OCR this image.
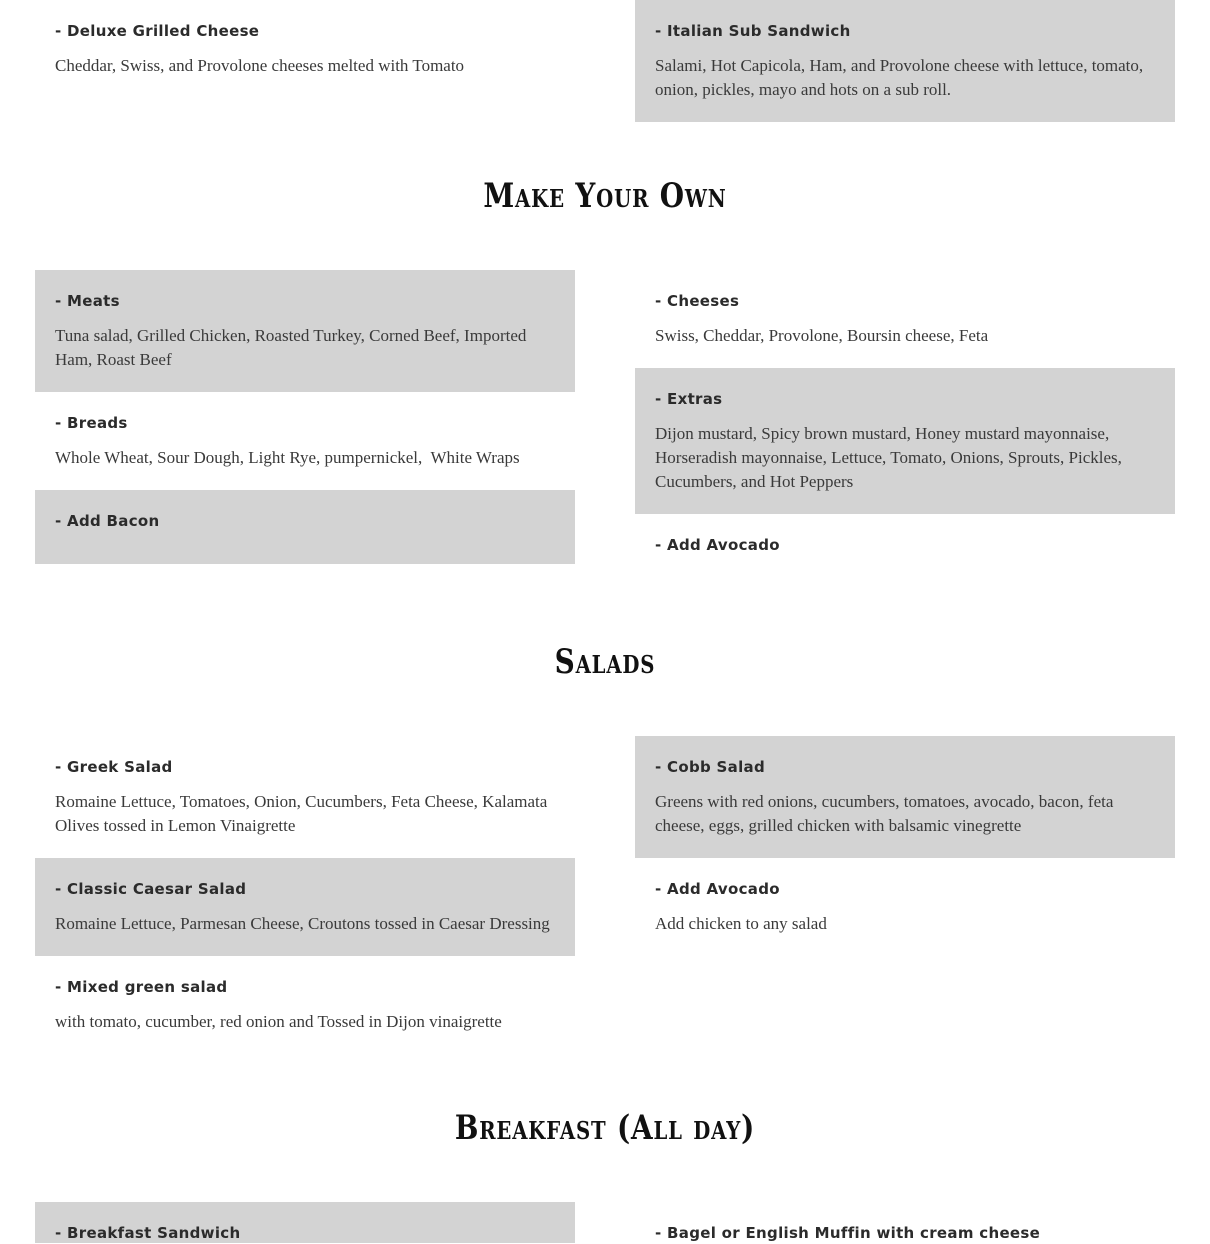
- Deluxe Grilled Cheese

Cheddar, Swiss, and Provolone cheeses melted with Tomato

- Italian Sub Sandwich

Salami, Hot Capicola, Ham, and Provolone cheese with lettuce, tomato, onion, pickles, mayo and hots on a sub roll.

Make Your Own

- Meats

Tuna salad, Grilled Chicken, Roasted Turkey, Corned Beef, Imported Ham, Roast Beef

- Cheeses

Swiss, Cheddar, Provolone, Boursin cheese, Feta

- Breads

Whole Wheat, Sour Dough, Light Rye, pumpernickel,  White Wraps

- Extras

Dijon mustard, Spicy brown mustard, Honey mustard mayonnaise, Horseradish mayonnaise, Lettuce, Tomato, Onions, Sprouts, Pickles, Cucumbers, and Hot Peppers

- Add Bacon

- Add Avocado

Salads

- Greek Salad

Romaine Lettuce, Tomatoes, Onion, Cucumbers, Feta Cheese, Kalamata Olives tossed in Lemon Vinaigrette

- Cobb Salad

Greens with red onions, cucumbers, tomatoes, avocado, bacon, feta cheese, eggs, grilled chicken with balsamic vinegrette

- Classic Caesar Salad

Romaine Lettuce, Parmesan Cheese, Croutons tossed in Caesar Dressing

- Add Avocado

Add chicken to any salad

- Mixed green salad

with tomato, cucumber, red onion and Tossed in Dijon vinaigrette

Breakfast (All day)

- Breakfast Sandwich	- Bagel or English Muffin with cream cheese
